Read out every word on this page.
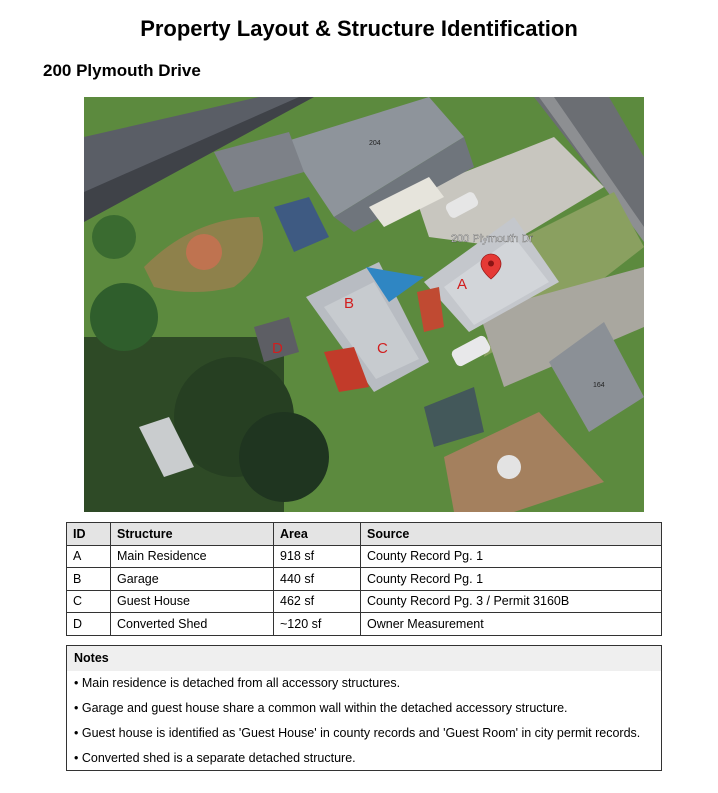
Property Layout & Structure Identification
200 Plymouth Drive
204
164
200 Plymouth Dr
A
B
C
D
ID	Structure	Area	Source
A	Main Residence	918 sf	County Record Pg. 1
B	Garage	440 sf	County Record Pg. 1
C	Guest House	462 sf	County Record Pg. 3 / Permit 3160B
D	Converted Shed	~120 sf	Owner Measurement
Notes
• Main residence is detached from all accessory structures.
• Garage and guest house share a common wall within the detached accessory structure.
• Guest house is identified as 'Guest House' in county records and 'Guest Room' in city permit records.
• Converted shed is a separate detached structure.
